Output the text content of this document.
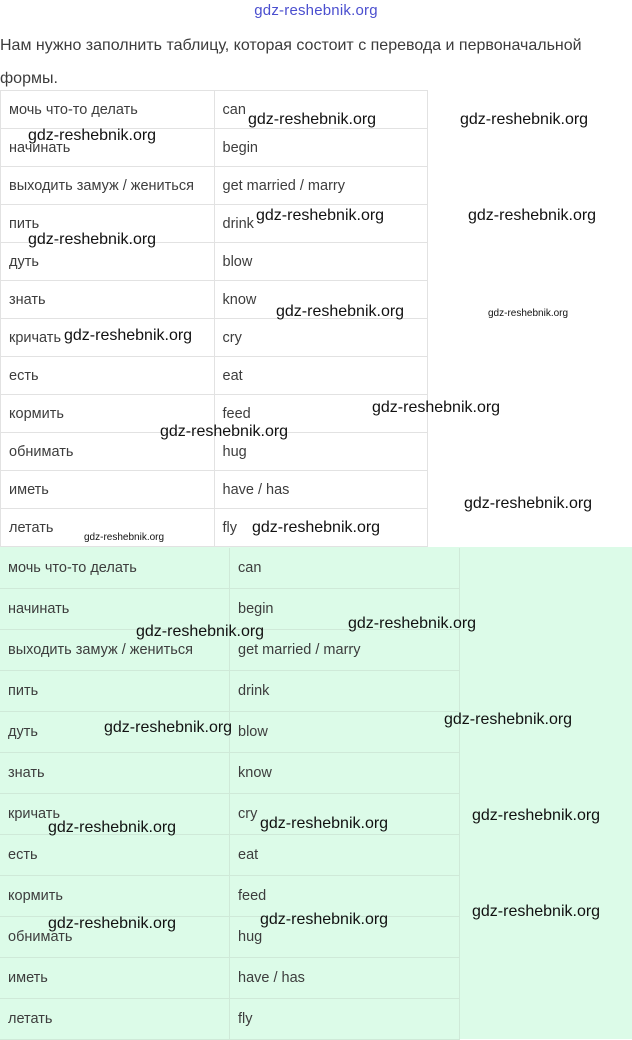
gdz-reshebnik.org
Нам нужно заполнить таблицу, которая состоит с перевода и первоначальной формы.
мочь что-то делать	can
начинать	begin
выходить замуж / жениться	get married / marry
пить	drink
дуть	blow
знать	know
кричать	cry
есть	eat
кормить	feed
обнимать	hug
иметь	have / has
летать	fly
мочь что-то делать	can
начинать	begin
выходить замуж / жениться	get married / marry
пить	drink
дуть	blow
знать	know
кричать	cry
есть	eat
кормить	feed
обнимать	hug
иметь	have / has
летать	fly
gdz-reshebnik.org	gdz-reshebnik.org
gdz-reshebnik.org
gdz-reshebnik.org	gdz-reshebnik.org
gdz-reshebnik.org
gdz-reshebnik.org	gdz-reshebnik.org
gdz-reshebnik.org
gdz-reshebnik.org
gdz-reshebnik.org
gdz-reshebnik.org
gdz-reshebnik.org
gdz-reshebnik.org
gdz-reshebnik.org
gdz-reshebnik.org
gdz-reshebnik.org
gdz-reshebnik.org
gdz-reshebnik.org
gdz-reshebnik.org
gdz-reshebnik.org
gdz-reshebnik.org
gdz-reshebnik.org
gdz-reshebnik.org
